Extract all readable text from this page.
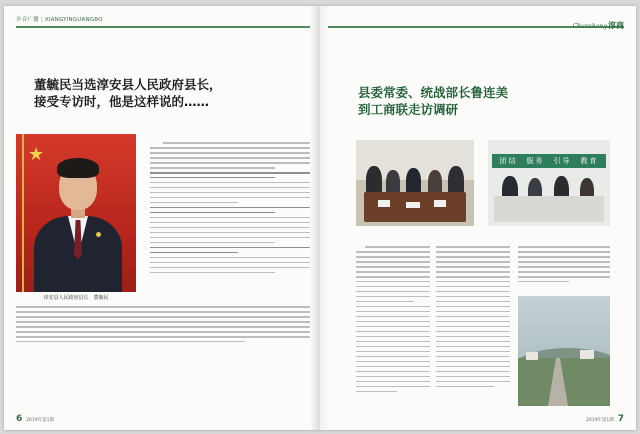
乡音广播 | XIANGYINGUANGBO
董毓民当选淳安县人民政府县长，
接受专访时，他是这样说的……
★
淳安县人民政府县长　董毓民
6 2019年第1期
Chunshang淳商
县委常委、统战部长鲁连美
到工商联走访调研
团结　服务　引导　教育
2019年第1期 7
